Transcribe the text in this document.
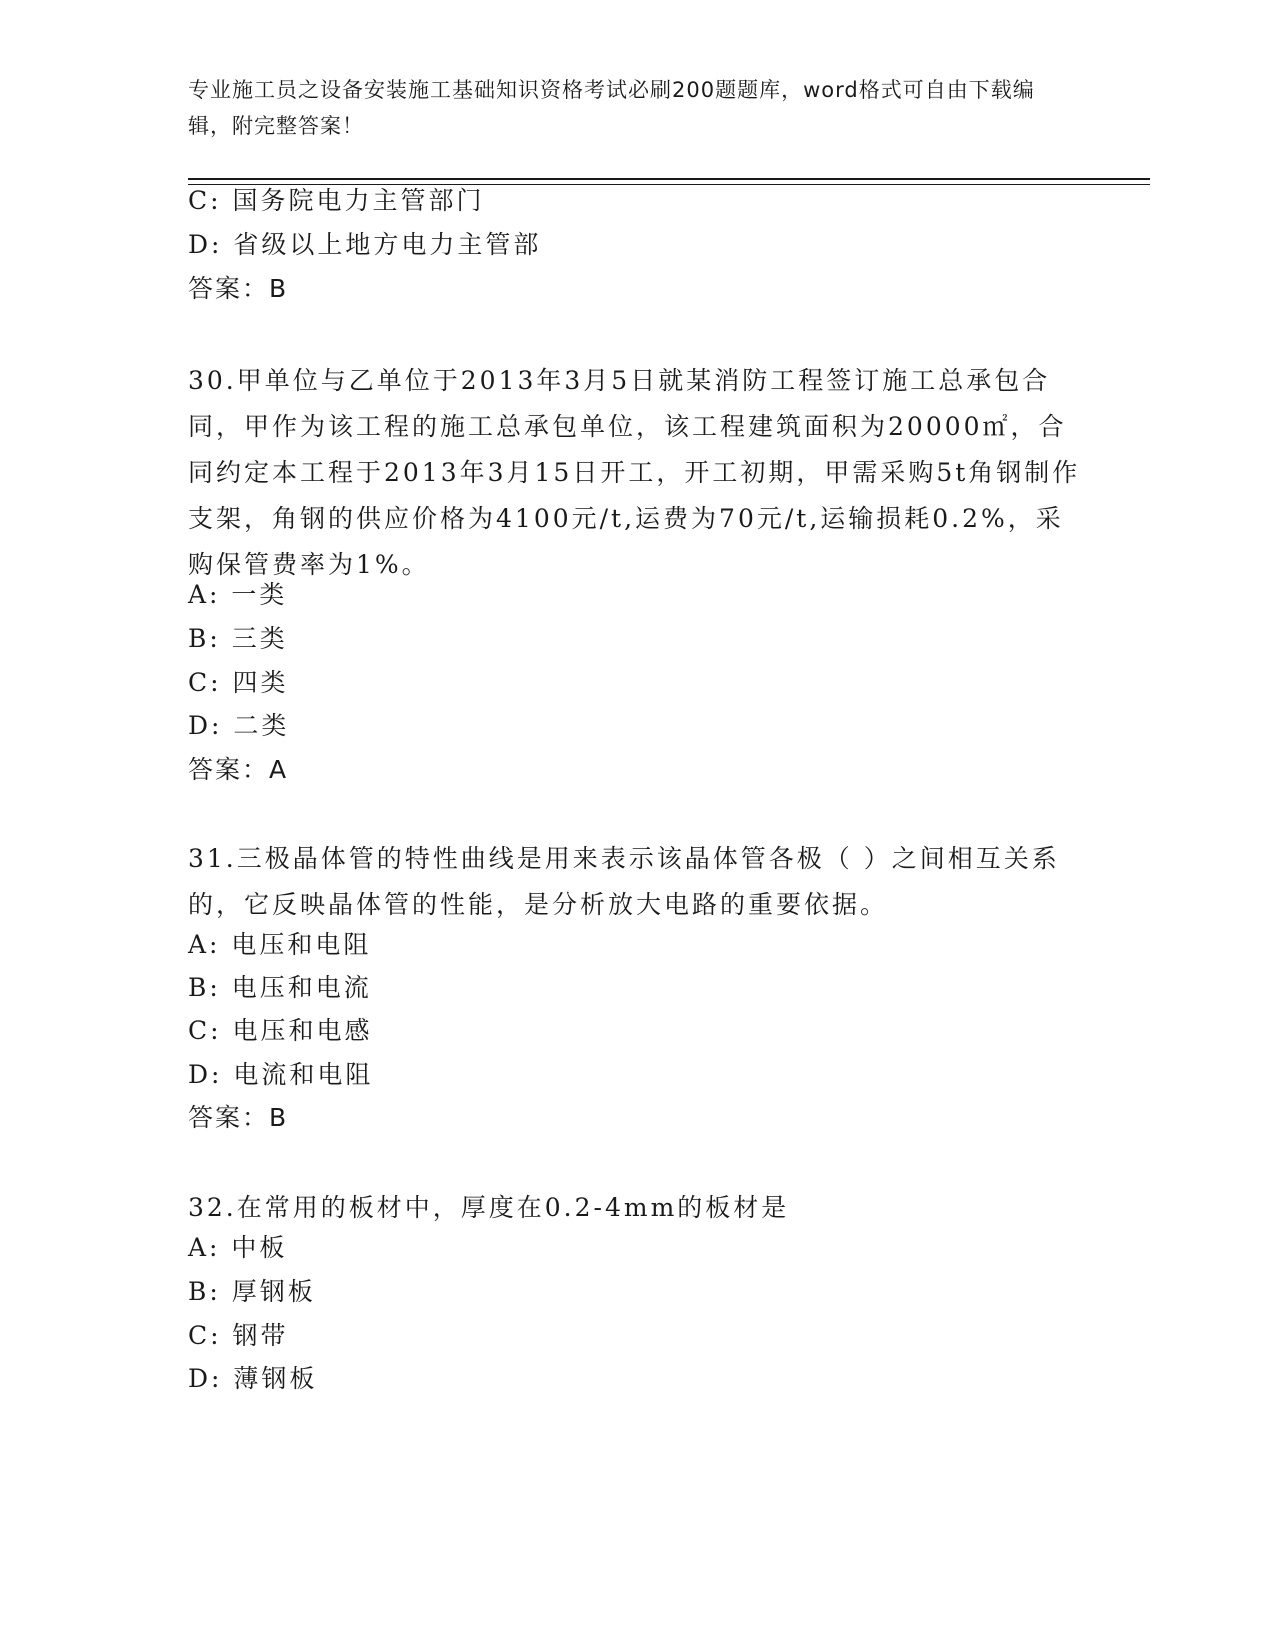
专业施工员之设备安装施工基础知识资格考试必刷200题题库，word格式可自由下载编辑，附完整答案！
C: 国务院电力主管部门
D: 省级以上地方电力主管部
答案：B
30.甲单位与乙单位于2013年3月5日就某消防工程签订施工总承包合同，甲作为该工程的施工总承包单位，该工程建筑面积为20000㎡，合同约定本工程于2013年3月15日开工，开工初期，甲需采购5t角钢制作支架，角钢的供应价格为4100元/t,运费为70元/t,运输损耗0.2%，采购保管费率为1%。
A: 一类
B: 三类
C: 四类
D: 二类
答案：A
31.三极晶体管的特性曲线是用来表示该晶体管各极（ ）之间相互关系的，它反映晶体管的性能，是分析放大电路的重要依据。
A: 电压和电阻
B: 电压和电流
C: 电压和电感
D: 电流和电阻
答案：B
32.在常用的板材中，厚度在0.2-4mm的板材是
A: 中板
B: 厚钢板
C: 钢带
D: 薄钢板
